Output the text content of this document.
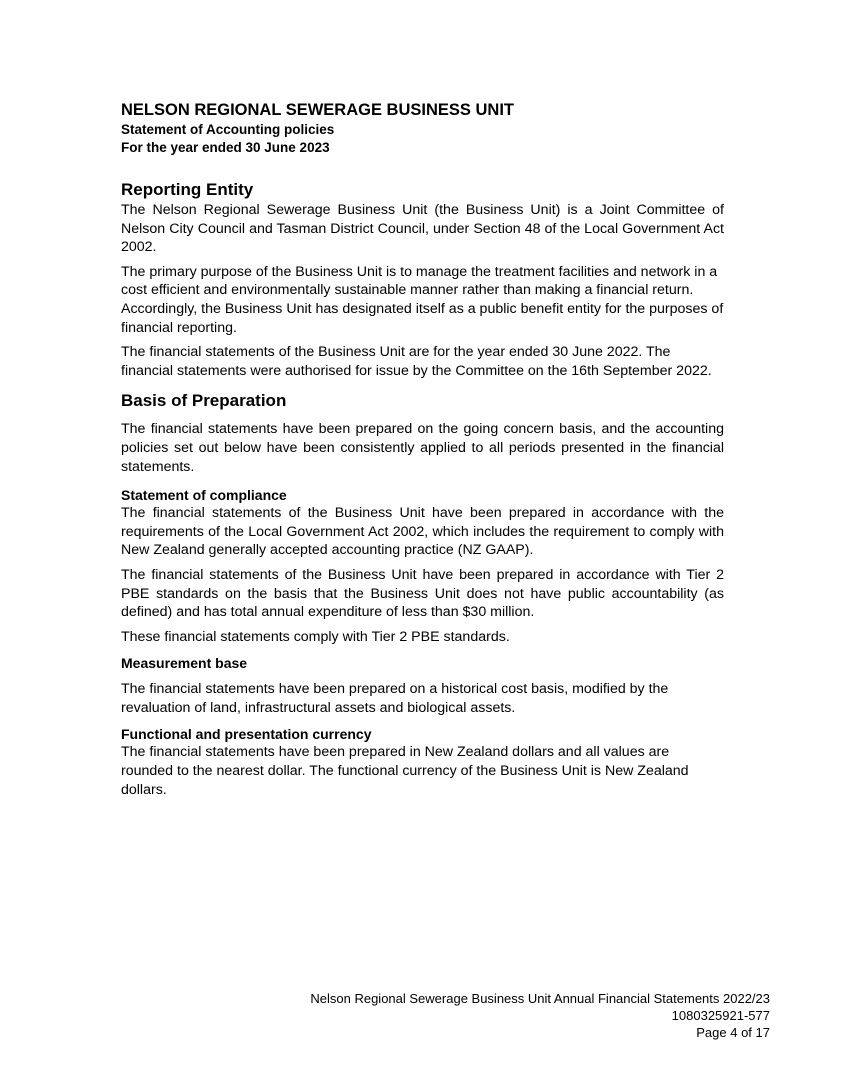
NELSON REGIONAL SEWERAGE BUSINESS UNIT
Statement of Accounting policies
For the year ended 30 June 2023
Reporting Entity

The Nelson Regional Sewerage Business Unit (the Business Unit) is a Joint Committee of Nelson City Council and Tasman District Council, under Section 48 of the Local Government Act 2002.

The primary purpose of the Business Unit is to manage the treatment facilities and network in a cost efficient and environmentally sustainable manner rather than making a financial return. Accordingly, the Business Unit has designated itself as a public benefit entity for the purposes of financial reporting.

The financial statements of the Business Unit are for the year ended 30 June 2022. The financial statements were authorised for issue by the Committee on the 16th September 2022.

Basis of Preparation

The financial statements have been prepared on the going concern basis, and the accounting policies set out below have been consistently applied to all periods presented in the financial statements.

Statement of compliance

The financial statements of the Business Unit have been prepared in accordance with the requirements of the Local Government Act 2002, which includes the requirement to comply with New Zealand generally accepted accounting practice (NZ GAAP).

The financial statements of the Business Unit have been prepared in accordance with Tier 2 PBE standards on the basis that the Business Unit does not have public accountability (as defined) and has total annual expenditure of less than $30 million.

These financial statements comply with Tier 2 PBE standards.

Measurement base

The financial statements have been prepared on a historical cost basis, modified by the revaluation of land, infrastructural assets and biological assets.

Functional and presentation currency

The financial statements have been prepared in New Zealand dollars and all values are rounded to the nearest dollar. The functional currency of the Business Unit is New Zealand dollars.

Nelson Regional Sewerage Business Unit Annual Financial Statements 2022/23
1080325921-577
Page 4 of 17
